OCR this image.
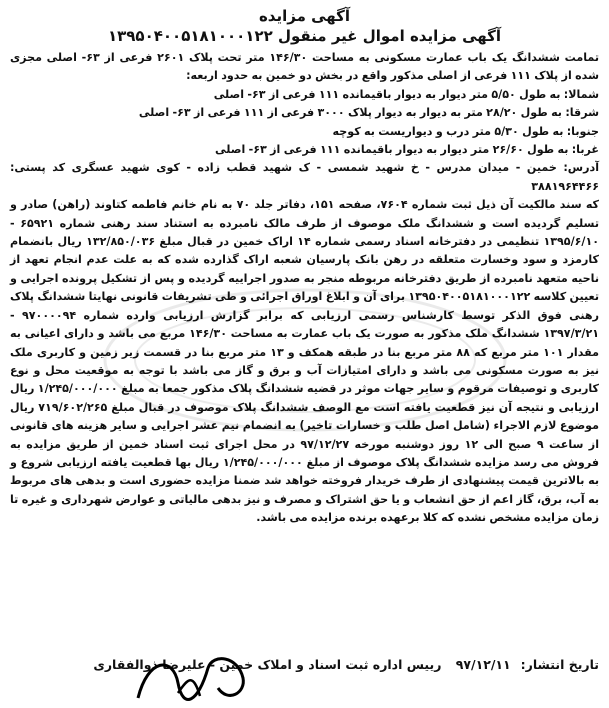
آگهی مزایده
آگهی مزایده اموال غیر منقول ۱۳۹۵۰۴۰۰۵۱۸۱۰۰۰۱۲۲

تمامت ششدانگ یک باب عمارت مسکونی به مساحت ۱۴۶/۳۰ متر تحت پلاک ۲۶۰۱ فرعی از ۶۳- اصلی مجزی شده از پلاک ۱۱۱ فرعی از اصلی مذکور واقع در بخش دو خمین به حدود اربعه:

شمالا: به طول ۵/۵۰ متر دیوار به دیوار باقیمانده ۱۱۱ فرعی از ۶۳- اصلی

شرقا: به طول ۲۸/۲۰ متر به دیوار به دیوار پلاک ۳۰۰۰ فرعی از ۱۱۱ فرعی از ۶۳- اصلی

جنوبا: به طول ۵/۳۰ متر درب و دیواریست به کوچه

غربا: به طول ۲۶/۶۰ متر دیوار به دیوار باقیمانده ۱۱۱ فرعی از ۶۳- اصلی

آدرس: خمین - میدان مدرس - خ شهید شمسی - ک شهید قطب زاده - کوی شهید عسگری کد پستی: ۳۸۸۱۹۶۴۴۶۶

که سند مالکیت آن ذیل ثبت شماره ۷۶۰۴، صفحه ۱۵۱، دفاتر جلد ۷۰ به نام خانم فاطمه کتاوند (راهن) صادر و تسلیم گردیده است و ششدانگ ملک موصوف از طرف مالک نامبرده به استناد سند رهنی شماره ۶۵۹۲۱ - ۱۳۹۵/۶/۱۰ تنظیمی در دفترخانه اسناد رسمی شماره ۱۴ اراک خمین در قبال مبلغ ۱۳۲/۸۵۰/۰۳۶ ریال بانضمام کارمزد و سود وخسارت متعلقه در رهن بانک پارسیان شعبه اراک گذارده شده که به علت عدم انجام تعهد از ناحیه متعهد نامبرده از طریق دفترخانه مربوطه منجر به صدور اجراییه گردیده و پس از تشکیل پرونده اجرایی و تعیین کلاسه ۱۳۹۵۰۴۰۰۵۱۸۱۰۰۰۱۲۲ برای آن و ابلاغ اوراق اجرائی و طی تشریفات قانونی نهایتا ششدانگ پلاک رهنی فوق الذکر توسط کارشناس رسمی ارزیابی که برابر گزارش ارزیابی وارده شماره ۹۷۰۰۰۰۹۴ - ۱۳۹۷/۳/۲۱ ششدانگ ملک مذکور به صورت یک باب عمارت به مساحت ۱۴۶/۳۰ مربع می باشد و دارای اعیانی به مقدار ۱۰۱ متر مربع که ۸۸ متر مربع بنا در طبقه همکف و ۱۳ متر مربع بنا در قسمت زیر زمین و کاربری ملک نیز به صورت مسکونی می باشد و دارای امتیازات آب و برق و گاز می باشد با توجه به موقعیت محل و نوع کاربری و توصیفات مرقوم و سایر جهات موثر در قضیه ششدانگ پلاک مذکور جمعا به مبلغ ۱/۲۴۵/۰۰۰/۰۰۰ ریال ارزیابی و نتیجه آن نیز قطعیت یافته است مع الوصف ششدانگ پلاک موصوف در قبال مبلغ ۷۱۹/۶۰۲/۲۶۵ ریال موضوع لازم الاجراء (شامل اصل طلب و خسارات تاخیر) به انضمام نیم عشر اجرایی و سایر هزینه های قانونی از ساعت ۹ صبح الی ۱۲ روز دوشنبه مورخه ۹۷/۱۲/۲۷ در محل اجرای ثبت اسناد خمین از طریق مزایده به فروش می رسد مزایده ششدانگ پلاک موصوف از مبلغ ۱/۲۴۵/۰۰۰/۰۰۰ ریال بها قطعیت یافته ارزیابی شروع و به بالاترین قیمت پیشنهادی از طرف خریدار فروخته خواهد شد ضمنا مزایده حضوری است و بدهی های مربوط به آب، برق، گاز اعم از حق انشعاب و یا حق اشتراک و مصرف و نیز بدهی مالیاتی و عوارض شهرداری و غیره تا زمان مزایده مشخص نشده که کلا برعهده برنده مزایده می باشد.

تاریخ انتشار:۹۷/۱۲/۱۱ رییس اداره ثبت اسناد و املاک خمین - علیرضا ذوالفقاری
